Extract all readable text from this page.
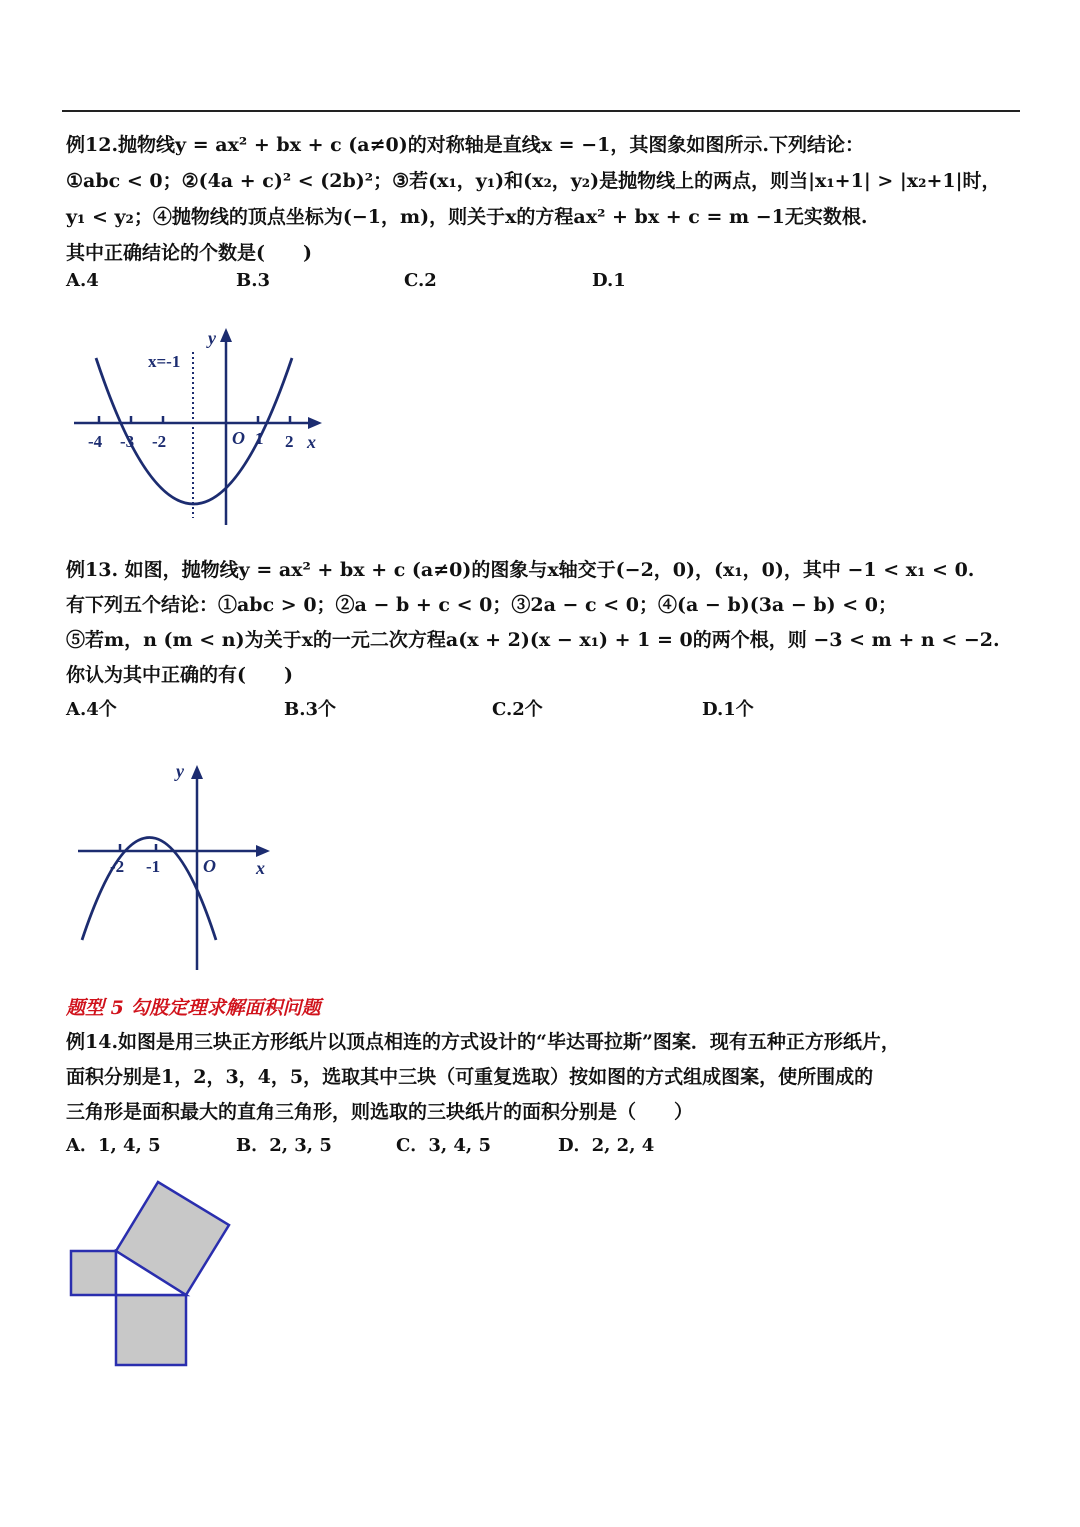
例12.抛物线y = ax² + bx + c (a≠0)的对称轴是直线x = −1，其图象如图所示.下列结论：
①abc < 0；②(4a + c)² < (2b)²；③若(x₁，y₁)和(x₂，y₂)是抛物线上的两点，则当|x₁+1| > |x₂+1|时，
y₁ < y₂；④抛物线的顶点坐标为(−1，m)，则关于x的方程ax² + bx + c = m −1无实数根.
其中正确结论的个数是(　　)
A.4	B.3	C.2	D.1
x=-1
y
x
O
-4 -3 -2	1 2
例13. 如图，抛物线y = ax² + bx + c (a≠0)的图象与x轴交于(−2，0)，(x₁，0)，其中 −1 < x₁ < 0.
有下列五个结论：①abc > 0；②a − b + c < 0；③2a − c < 0；④(a − b)(3a − b) < 0；
⑤若m，n (m < n)为关于x的一元二次方程a(x + 2)(x − x₁) + 1 = 0的两个根，则 −3 < m + n < −2.
你认为其中正确的有(　　)
A.4个	B.3个	C.2个	D.1个
y
x
O
-2 -1
题型 5 勾股定理求解面积问题
例14.如图是用三块正方形纸片以顶点相连的方式设计的“毕达哥拉斯”图案．现有五种正方形纸片，
面积分别是1，2，3，4，5，选取其中三块（可重复选取）按如图的方式组成图案，使所围成的
三角形是面积最大的直角三角形，则选取的三块纸片的面积分别是（　　）
A．1, 4, 5	B．2, 3, 5	C．3, 4, 5	D．2, 2, 4
